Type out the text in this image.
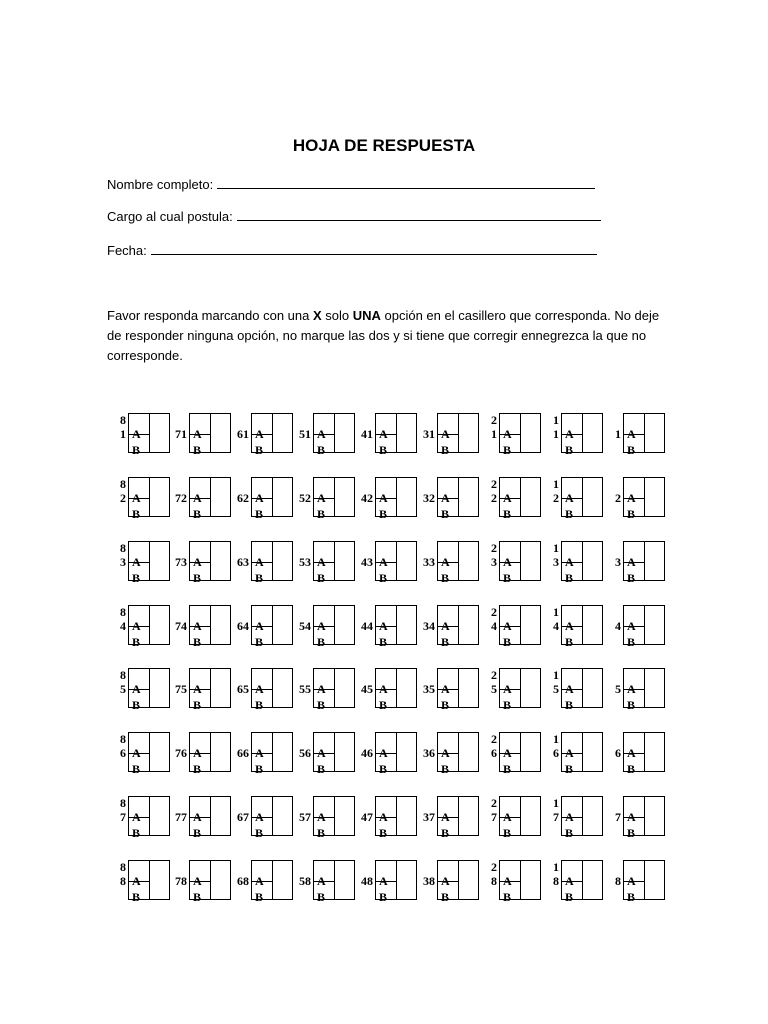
HOJA DE RESPUESTA
Nombre completo:
Cargo al cual postula:
Fecha:
Favor responda marcando con una X solo UNA opción en el casillero que corresponda. No deje de responder ninguna opción, no marque las dos y si tiene que corregir ennegrezca la que no corresponde.
8
1 A
B
8
2 A
B
8
3 A
B
8
4 A
B
8
5 A
B
8
6 A
B
8
7 A
B
8
8 A
B
71 A
B
72 A
B
73 A
B
74 A
B
75 A
B
76 A
B
77 A
B
78 A
B
61 A
B
62 A
B
63 A
B
64 A
B
65 A
B
66 A
B
67 A
B
68 A
B
51 A
B
52 A
B
53 A
B
54 A
B
55 A
B
56 A
B
57 A
B
58 A
B
41 A
B
42 A
B
43 A
B
44 A
B
45 A
B
46 A
B
47 A
B
48 A
B
31 A
B
32 A
B
33 A
B
34 A
B
35 A
B
36 A
B
37 A
B
38 A
B
2
1 A
B
2
2 A
B
2
3 A
B
2
4 A
B
2
5 A
B
2
6 A
B
2
7 A
B
2
8 A
B
1
1 A
B
1
2 A
B
1
3 A
B
1
4 A
B
1
5 A
B
1
6 A
B
1
7 A
B
1
8 A
B
1 A
B
2 A
B
3 A
B
4 A
B
5 A
B
6 A
B
7 A
B
8 A
B
